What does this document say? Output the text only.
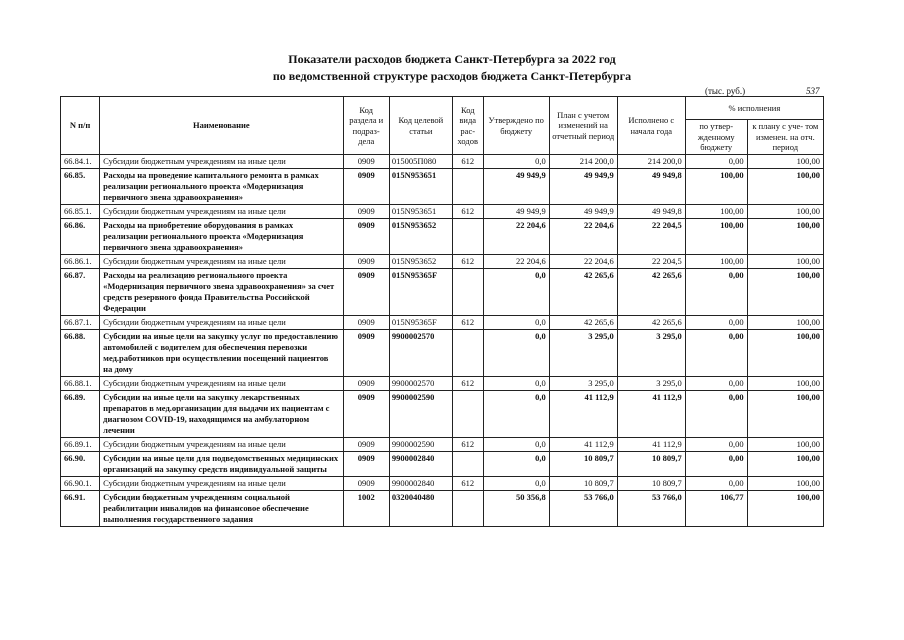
Показатели расходов бюджета Санкт-Петербурга за 2022 год
по ведомственной структуре расходов бюджета Санкт-Петербурга
(тыс. руб.)	537
N п/п	Наименование	Код раздела и подраз- дела	Код целевой статьи	Код вида рас- ходов	Утверждено по бюджету	План с учетом изменений на отчетный период	Исполнено с начала года	% исполнения	
								по утвер- жденному бюджету	к плану с уче- том изменен. на отч. период
66.84.1.	Субсидии бюджетным учреждениям на иные цели	0909	015005П080	612	0,0	214 200,0	214 200,0	0,00	100,00
66.85.	Расходы на проведение капитального ремонта в рамках реализации регионального проекта «Модернизация первичного звена здравоохранения»	0909	015N953651		49 949,9	49 949,9	49 949,8	100,00	100,00
66.85.1.	Субсидии бюджетным учреждениям на иные цели	0909	015N953651	612	49 949,9	49 949,9	49 949,8	100,00	100,00
66.86.	Расходы на приобретение оборудования в рамках реализации регионального проекта «Модернизация первичного звена здравоохранения»	0909	015N953652		22 204,6	22 204,6	22 204,5	100,00	100,00
66.86.1.	Субсидии бюджетным учреждениям на иные цели	0909	015N953652	612	22 204,6	22 204,6	22 204,5	100,00	100,00
66.87.	Расходы на реализацию регионального проекта «Модернизация первичного звена здравоохранения» за счет средств резервного фонда Правительства Российской Федерации	0909	015N95365F		0,0	42 265,6	42 265,6	0,00	100,00
66.87.1.	Субсидии бюджетным учреждениям на иные цели	0909	015N95365F	612	0,0	42 265,6	42 265,6	0,00	100,00
66.88.	Субсидии на иные цели на закупку услуг по предоставлению автомобилей с водителем для обеспечения перевозки мед.работников при осуществлении посещений пациентов на дому	0909	9900002570		0,0	3 295,0	3 295,0	0,00	100,00
66.88.1.	Субсидии бюджетным учреждениям на иные цели	0909	9900002570	612	0,0	3 295,0	3 295,0	0,00	100,00
66.89.	Субсидии на иные цели на закупку лекарственных препаратов в мед.организации для выдачи их пациентам с диагнозом COVID-19, находящимся на амбулаторном лечении	0909	9900002590		0,0	41 112,9	41 112,9	0,00	100,00
66.89.1.	Субсидии бюджетным учреждениям на иные цели	0909	9900002590	612	0,0	41 112,9	41 112,9	0,00	100,00
66.90.	Субсидии на иные цели для подведомственных медицинских организаций на закупку средств индивидуальной защиты	0909	9900002840		0,0	10 809,7	10 809,7	0,00	100,00
66.90.1.	Субсидии бюджетным учреждениям на иные цели	0909	9900002840	612	0,0	10 809,7	10 809,7	0,00	100,00
66.91.	Субсидии бюджетным учреждениям социальной реабилитации инвалидов на финансовое обеспечение выполнения государственного задания	1002	0320040480		50 356,8	53 766,0	53 766,0	106,77	100,00
